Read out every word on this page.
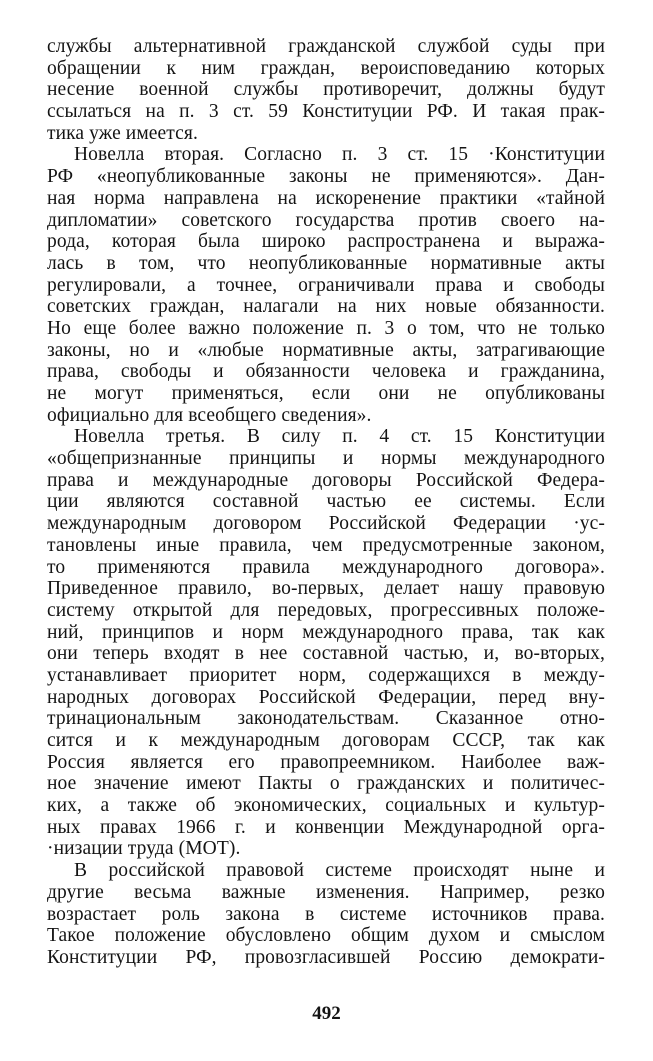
службы альтернативной гражданской службой суды при
обращении к ним граждан, вероисповеданию которых
несение военной службы противоречит, должны будут
ссылаться на п. 3 ст. 59 Конституции РФ. И такая прак-
тика уже имеется.
Новелла вторая. Согласно п. 3 ст. 15 ·Конституции
РФ «неопубликованные законы не применяются». Дан-
ная норма направлена на искоренение практики «тайной
дипломатии» советского государства против своего на-
рода, которая была широко распространена и выража-
лась в том, что неопубликованные нормативные акты
регулировали, а точнее, ограничивали права и свободы
советских граждан, налагали на них новые обязанности.
Но еще более важно положение п. 3 о том, что не только
законы, но и «любые нормативные акты, затрагивающие
права, свободы и обязанности человека и гражданина,
не могут применяться, если они не опубликованы
официально для всеобщего сведения».
Новелла третья. В силу п. 4 ст. 15 Конституции
«общепризнанные принципы и нормы международного
права и международные договоры Российской Федера-
ции являются составной частью ее системы. Если
международным договором Российской Федерации ·ус-
тановлены иные правила, чем предусмотренные законом,
то применяются правила международного договора».
Приведенное правило, во-первых, делает нашу правовую
систему открытой для передовых, прогрессивных положе-
ний, принципов и норм международного права, так как
они теперь входят в нее составной частью, и, во-вторых,
устанавливает приоритет норм, содержащихся в между-
народных договорах Российской Федерации, перед вну-
тринациональным законодательствам. Сказанное отно-
сится и к международным договорам СССР, так как
Россия является его правопреемником. Наиболее важ-
ное значение имеют Пакты о гражданских и политичес-
ких, а также об экономических, социальных и культур-
ных правах 1966 г. и конвенции Международной орга-
·низации труда (МОТ).
В российской правовой системе происходят ныне и
другие весьма важные изменения. Например, резко
возрастает роль закона в системе источников права.
Такое положение обусловлено общим духом и смыслом
Конституции РФ, провозгласившей Россию демократи-
492
